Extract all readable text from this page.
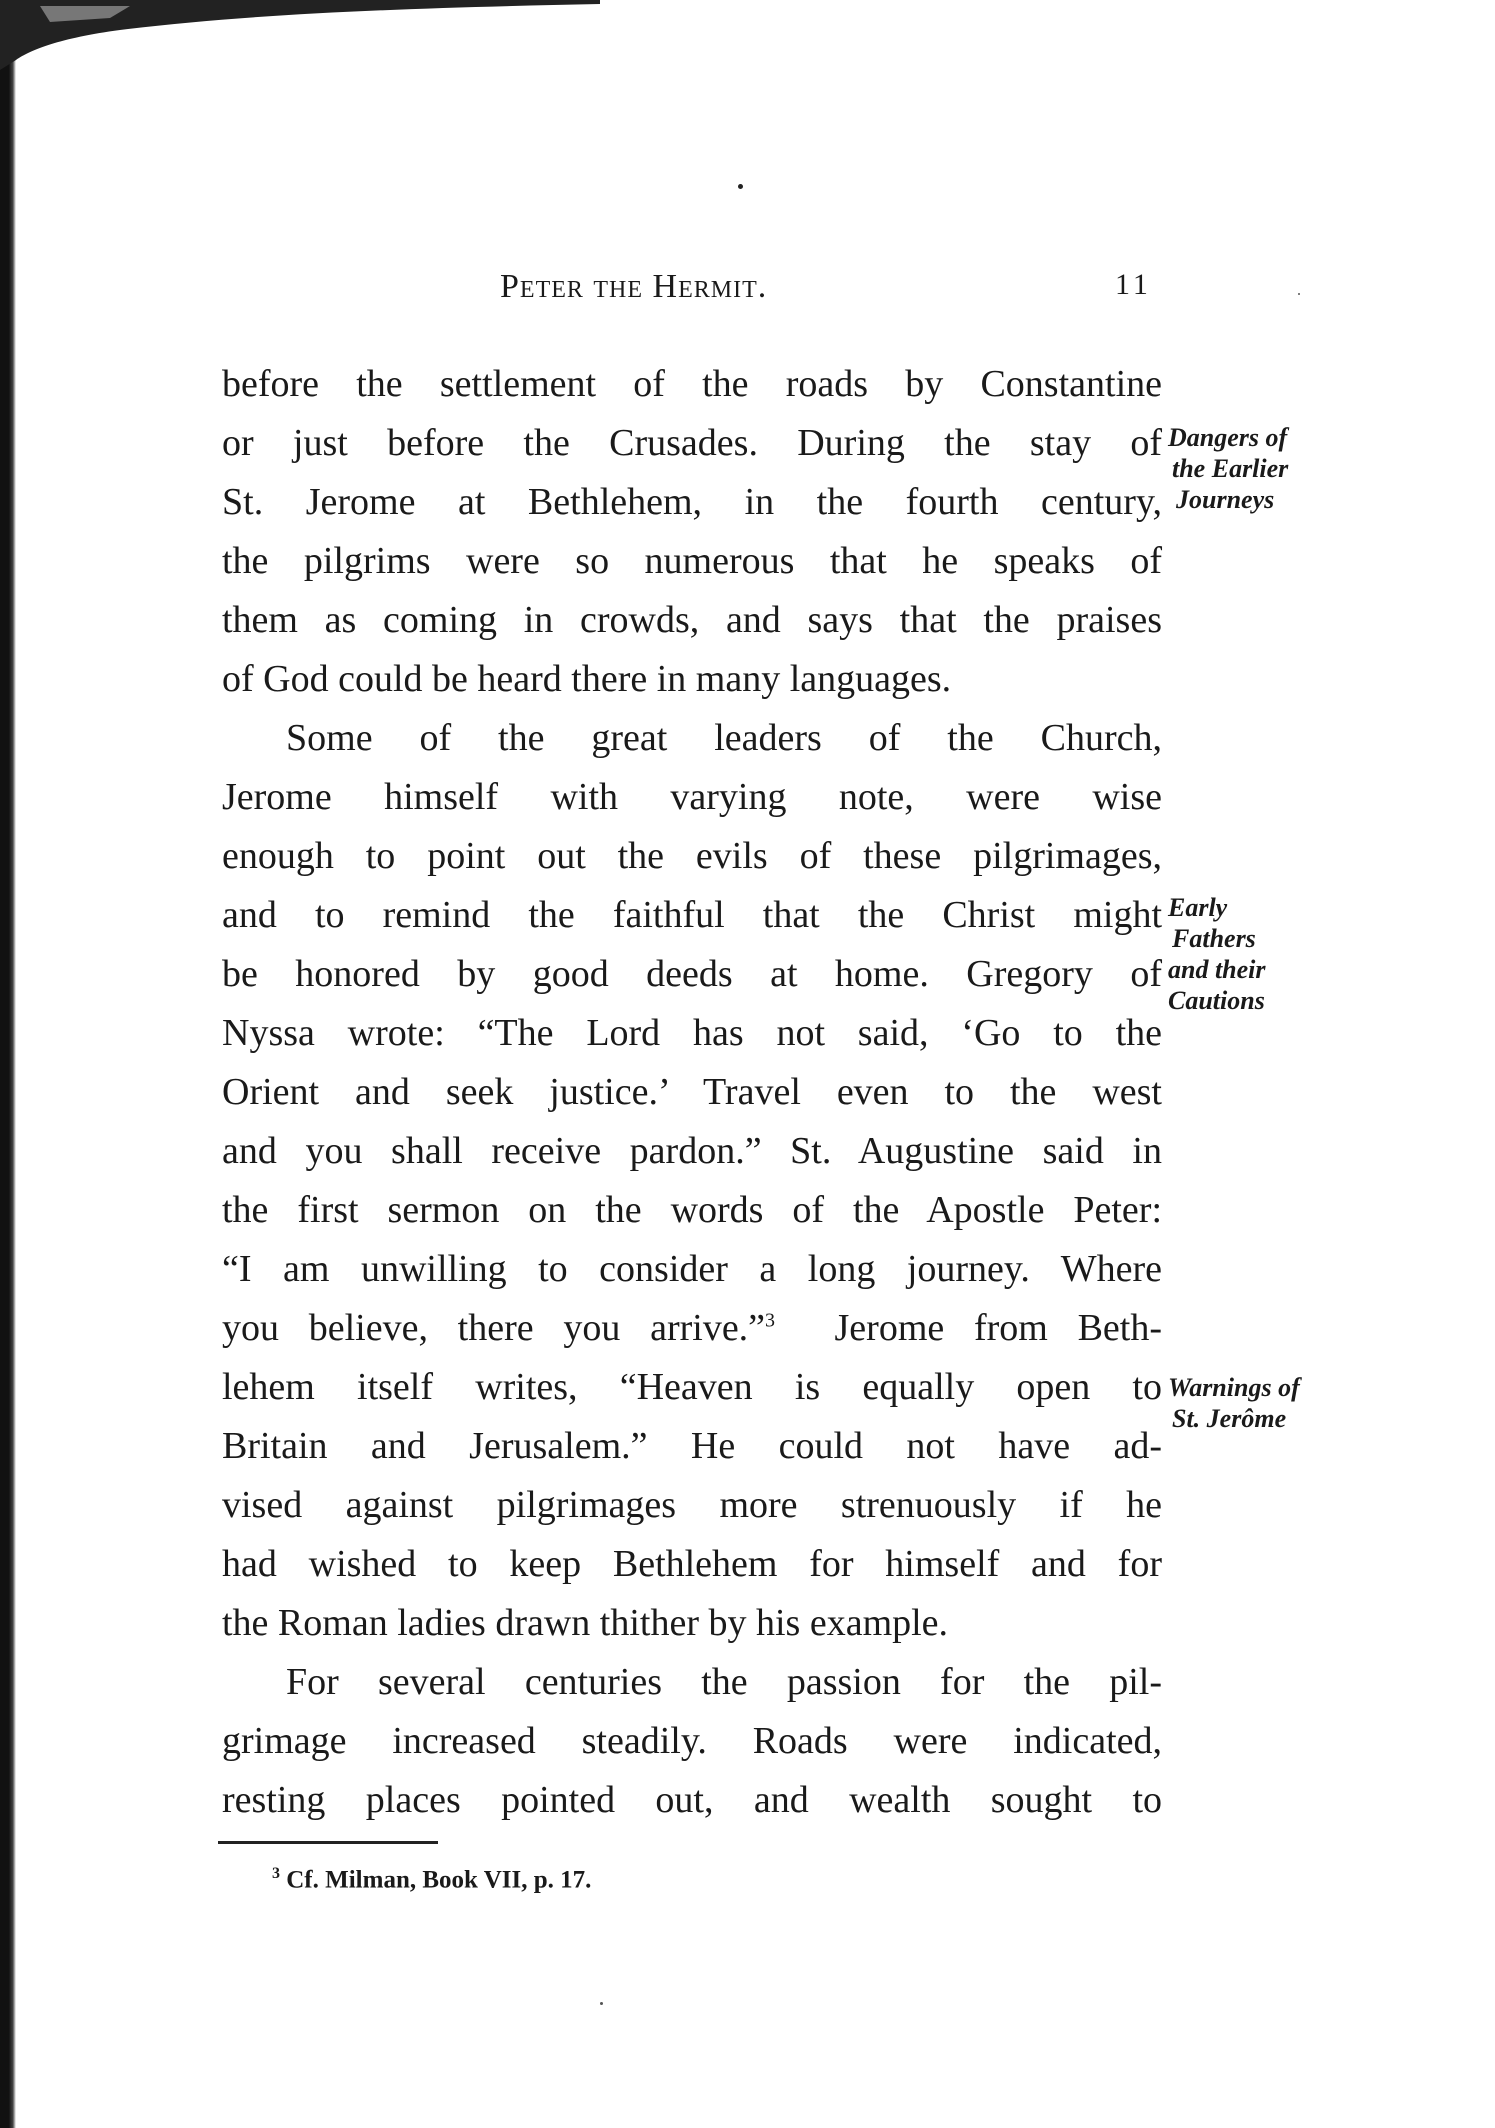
Peter the Hermit.	11

before the settlement of the roads by Constantine

or just before the Crusades. During the stay of

St. Jerome at Bethlehem, in the fourth century,

the pilgrims were so numerous that he speaks of

them as coming in crowds, and says that the praises

of God could be heard there in many languages.

Some of the great leaders of the Church,

Jerome himself with varying note, were wise

enough to point out the evils of these pilgrimages,

and to remind the faithful that the Christ might

be honored by good deeds at home. Gregory of

Nyssa wrote: “The Lord has not said, ‘Go to the

Orient and seek justice.’ Travel even to the west

and you shall receive pardon.” St. Augustine said in

the first sermon on the words of the Apostle Peter:

“I am unwilling to consider a long journey. Where

you believe, there you arrive.”$^3$ Jerome from Beth-

lehem itself writes, “Heaven is equally open to

Britain and Jerusalem.” He could not have ad-

vised against pilgrimages more strenuously if he

had wished to keep Bethlehem for himself and for

the Roman ladies drawn thither by his example.

For several centuries the passion for the pil-

grimage increased steadily. Roads were indicated,

resting places pointed out, and wealth sought to

Dangers of
the Earlier
Journeys
Early
Fathers
and their
Cautions
Warnings of
St. Jerôme
$^3$ Cf. Milman, Book VII, p. 17.
